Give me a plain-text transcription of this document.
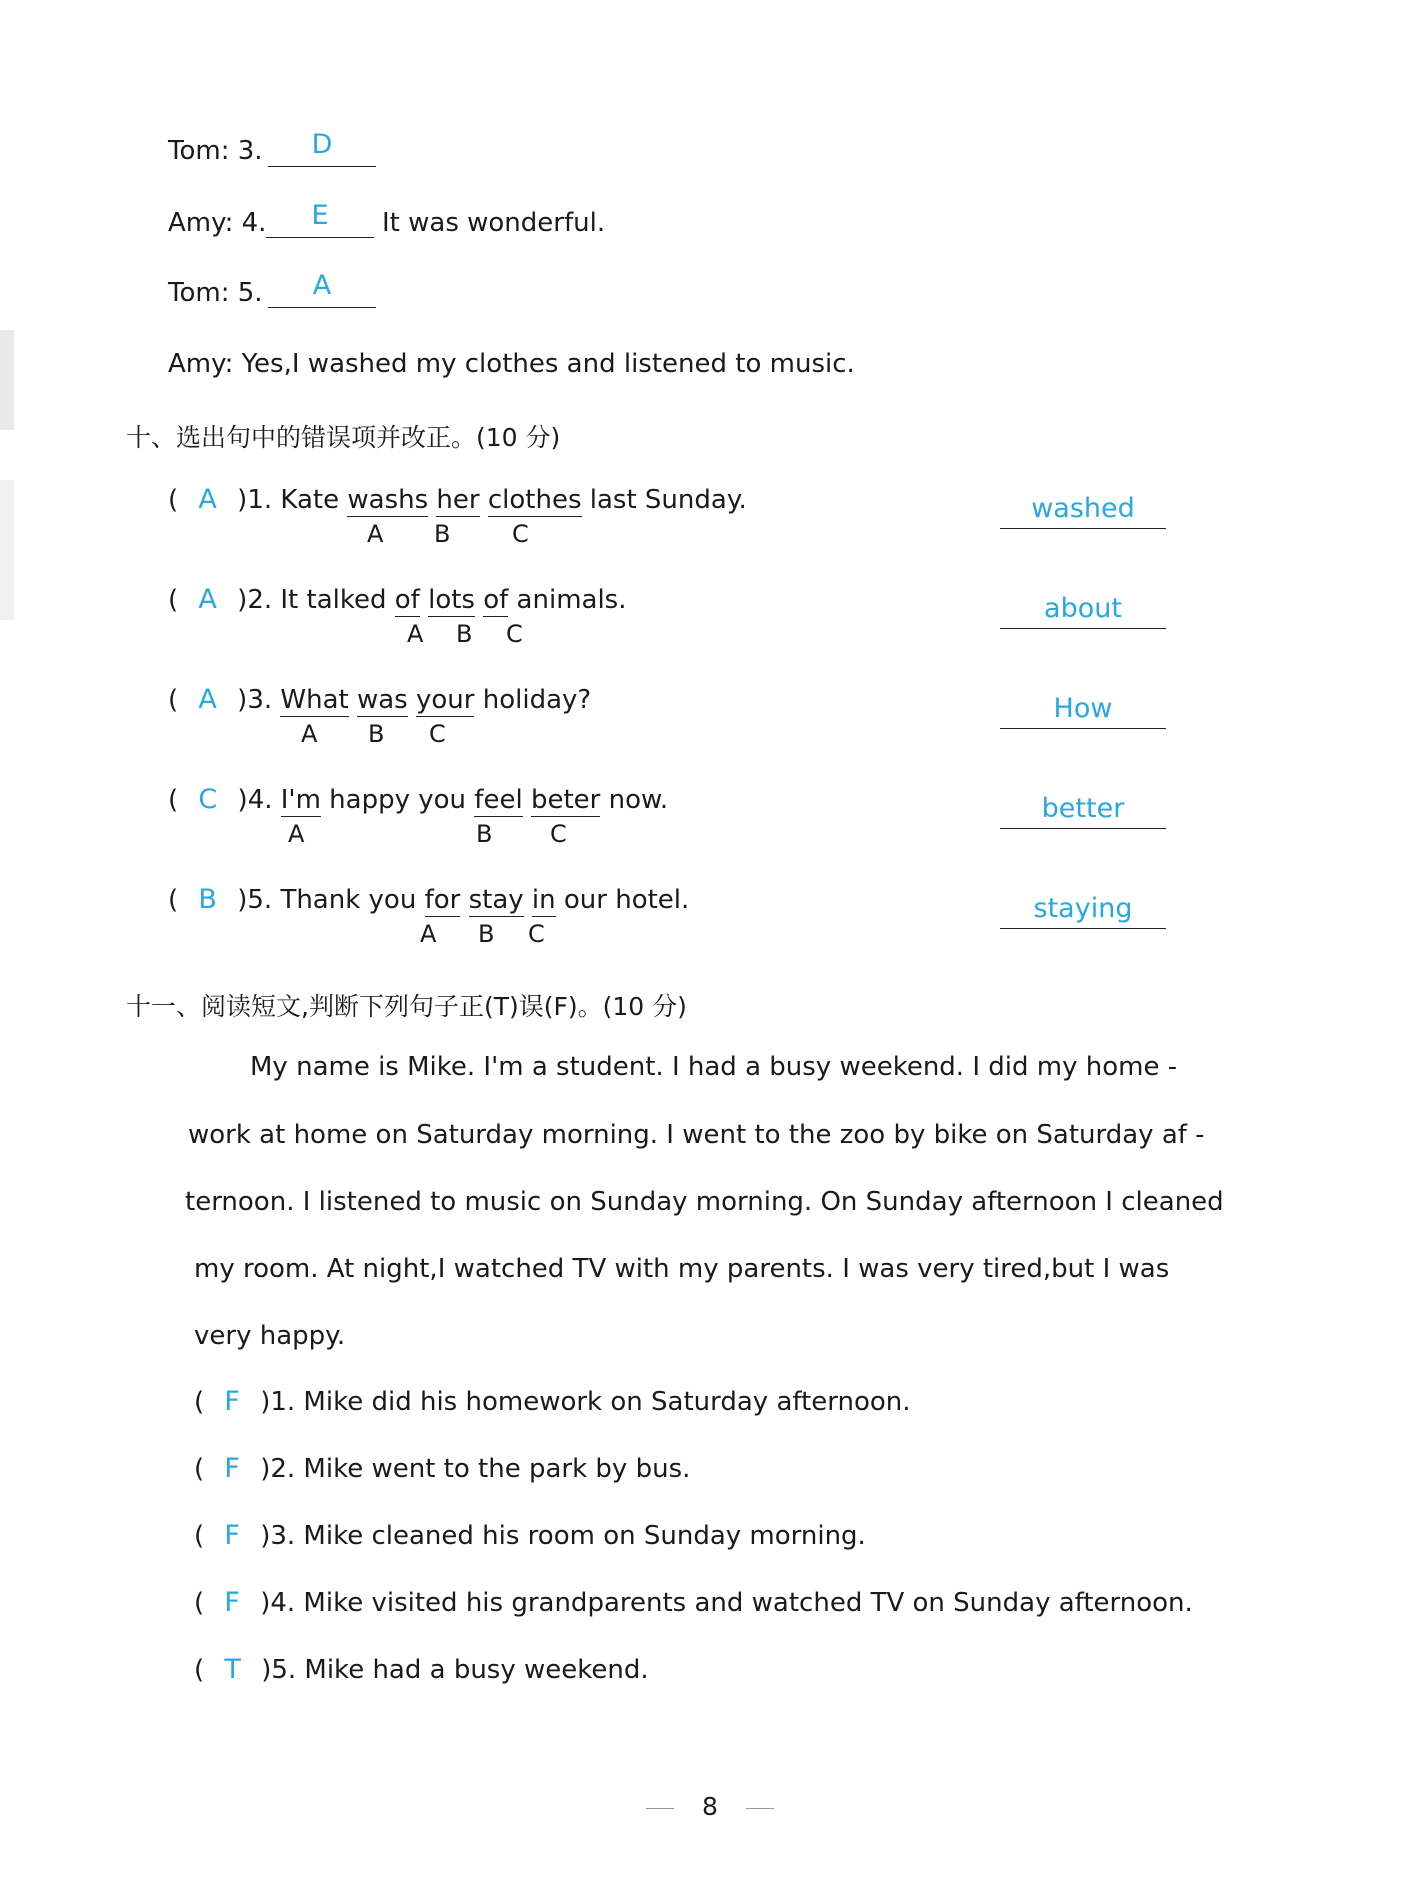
Tom: 3.	D
Amy: 4.	E	It was wonderful.
Tom: 5.	A
Amy: Yes,I washed my clothes and listened to music.
十、选出句中的错误项并改正。(10 分)
( A )1. Kate washs her clothes last Sunday.
A B	C
washed
( A )2. It talked of lots of animals.
A B C
about
( A )3. What was your holiday?
A B C
How
( C )4. I'm happy you feel beter now.
A	B C
better
( B )5. Thank you for stay in our hotel.
A B C
staying
十一、阅读短文,判断下列句子正(T)误(F)。(10 分)
My name is Mike. I'm a student. I had a busy weekend. I did my home -
work at home on Saturday morning. I went to the zoo by bike on Saturday af -
ternoon. I listened to music on Sunday morning. On Sunday afternoon I cleaned
my room. At night,I watched TV with my parents. I was very tired,but I was
very happy.
( F )1. Mike did his homework on Saturday afternoon.
( F )2. Mike went to the park by bus.
( F )3. Mike cleaned his room on Sunday morning.
( F )4. Mike visited his grandparents and watched TV on Sunday afternoon.
( T )5. Mike had a busy weekend.
8
